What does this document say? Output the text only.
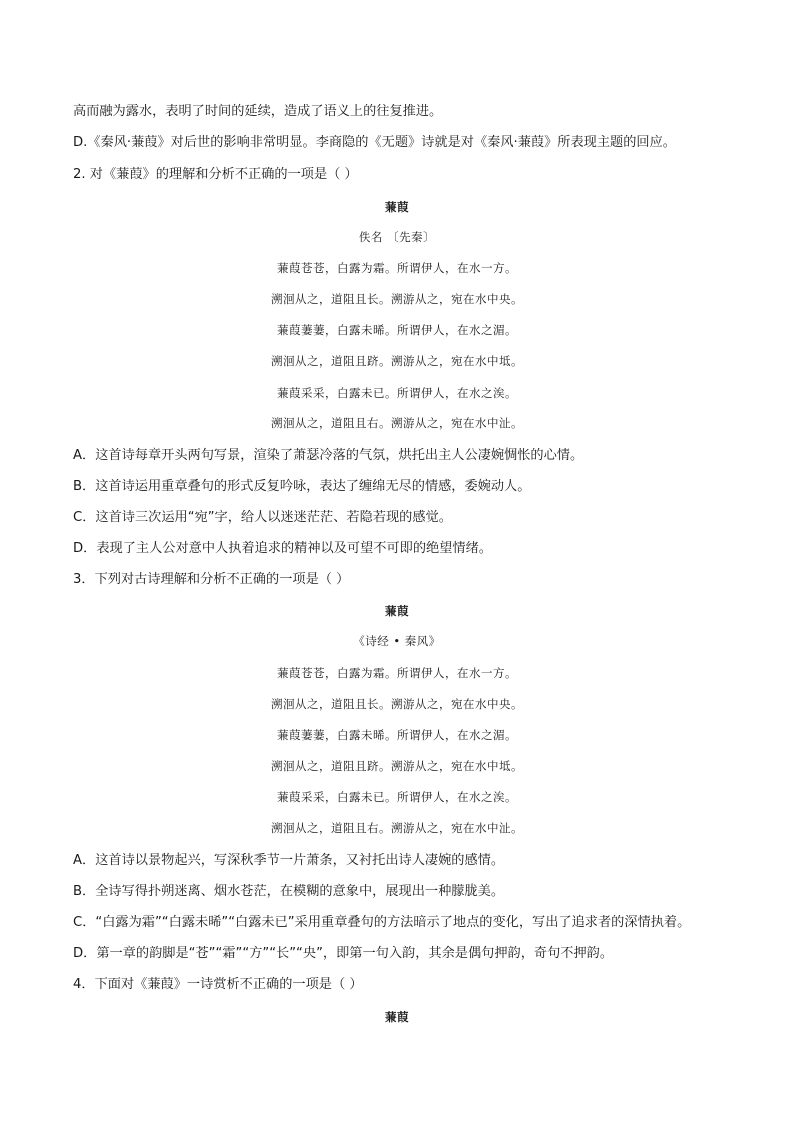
高而融为露水，表明了时间的延续，造成了语义上的往复推进。
D.《秦风·蒹葭》对后世的影响非常明显。李商隐的《无题》诗就是对《秦风·蒹葭》所表现主题的回应。
2. 对《蒹葭》的理解和分析不正确的一项是（ ）
蒹葭
佚名 〔先秦〕
蒹葭苍苍，白露为霜。所谓伊人，在水一方。
溯洄从之，道阻且长。溯游从之，宛在水中央。
蒹葭萋萋，白露未晞。所谓伊人，在水之湄。
溯洄从之，道阻且跻。溯游从之，宛在水中坻。
蒹葭采采，白露未已。所谓伊人，在水之涘。
溯洄从之，道阻且右。溯游从之，宛在水中沚。
A．这首诗每章开头两句写景，渲染了萧瑟冷落的气氛，烘托出主人公凄婉惆怅的心情。
B．这首诗运用重章叠句的形式反复吟咏，表达了缠绵无尽的情感，委婉动人。
C．这首诗三次运用“宛”字，给人以迷迷茫茫、若隐若现的感觉。
D．表现了主人公对意中人执着追求的精神以及可望不可即的绝望情绪。
3．下列对古诗理解和分析不正确的一项是（ ）
蒹葭
《诗经 • 秦风》
蒹葭苍苍，白露为霜。所谓伊人，在水一方。
溯洄从之，道阻且长。溯游从之，宛在水中央。
蒹葭萋萋，白露未晞。所谓伊人，在水之湄。
溯洄从之，道阻且跻。溯游从之，宛在水中坻。
蒹葭采采，白露未已。所谓伊人，在水之涘。
溯洄从之，道阻且右。溯游从之，宛在水中沚。
A．这首诗以景物起兴，写深秋季节一片萧条，又衬托出诗人凄婉的感情。
B．全诗写得扑朔迷离、烟水苍茫，在模糊的意象中，展现出一种朦胧美。
C．“白露为霜”“白露未晞”“白露未已”采用重章叠句的方法暗示了地点的变化，写出了追求者的深情执着。
D．第一章的韵脚是“苍”“霜”“方”“长”“央”，即第一句入韵，其余是偶句押韵，奇句不押韵。
4．下面对《蒹葭》一诗赏析不正确的一项是（ ）
蒹葭
